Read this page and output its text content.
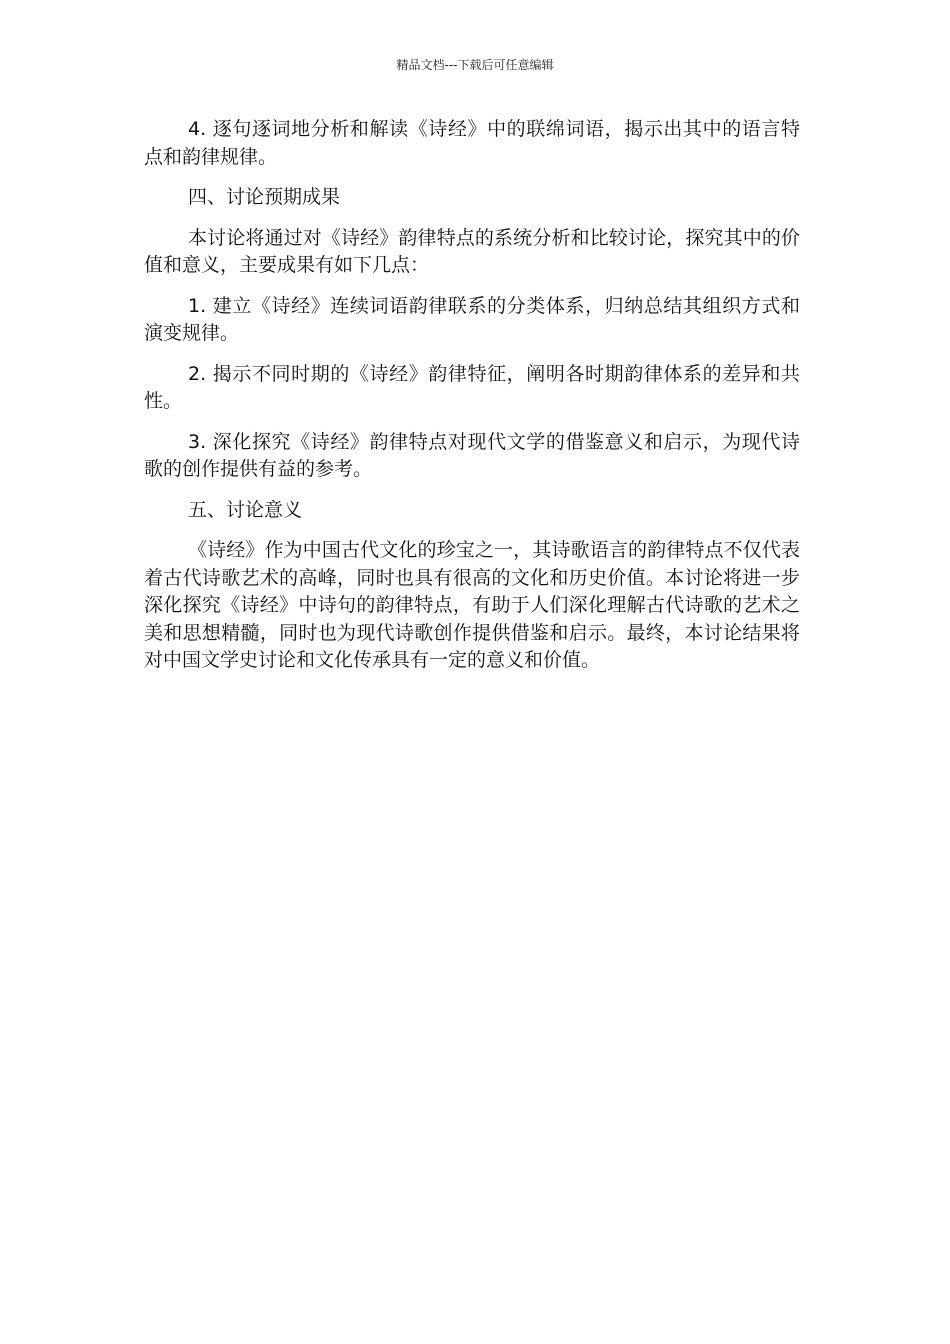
精品文档---下载后可任意编辑

4. 逐句逐词地分析和解读《诗经》中的联绵词语，揭示出其中的语言特点和韵律规律。

四、讨论预期成果

本讨论将通过对《诗经》韵律特点的系统分析和比较讨论，探究其中的价值和意义，主要成果有如下几点：

1. 建立《诗经》连续词语韵律联系的分类体系，归纳总结其组织方式和演变规律。

2. 揭示不同时期的《诗经》韵律特征，阐明各时期韵律体系的差异和共性。

3. 深化探究《诗经》韵律特点对现代文学的借鉴意义和启示，为现代诗歌的创作提供有益的参考。

五、讨论意义

《诗经》作为中国古代文化的珍宝之一，其诗歌语言的韵律特点不仅代表着古代诗歌艺术的高峰，同时也具有很高的文化和历史价值。本讨论将进一步深化探究《诗经》中诗句的韵律特点，有助于人们深化理解古代诗歌的艺术之美和思想精髓，同时也为现代诗歌创作提供借鉴和启示。最终，本讨论结果将对中国文学史讨论和文化传承具有一定的意义和价值。
